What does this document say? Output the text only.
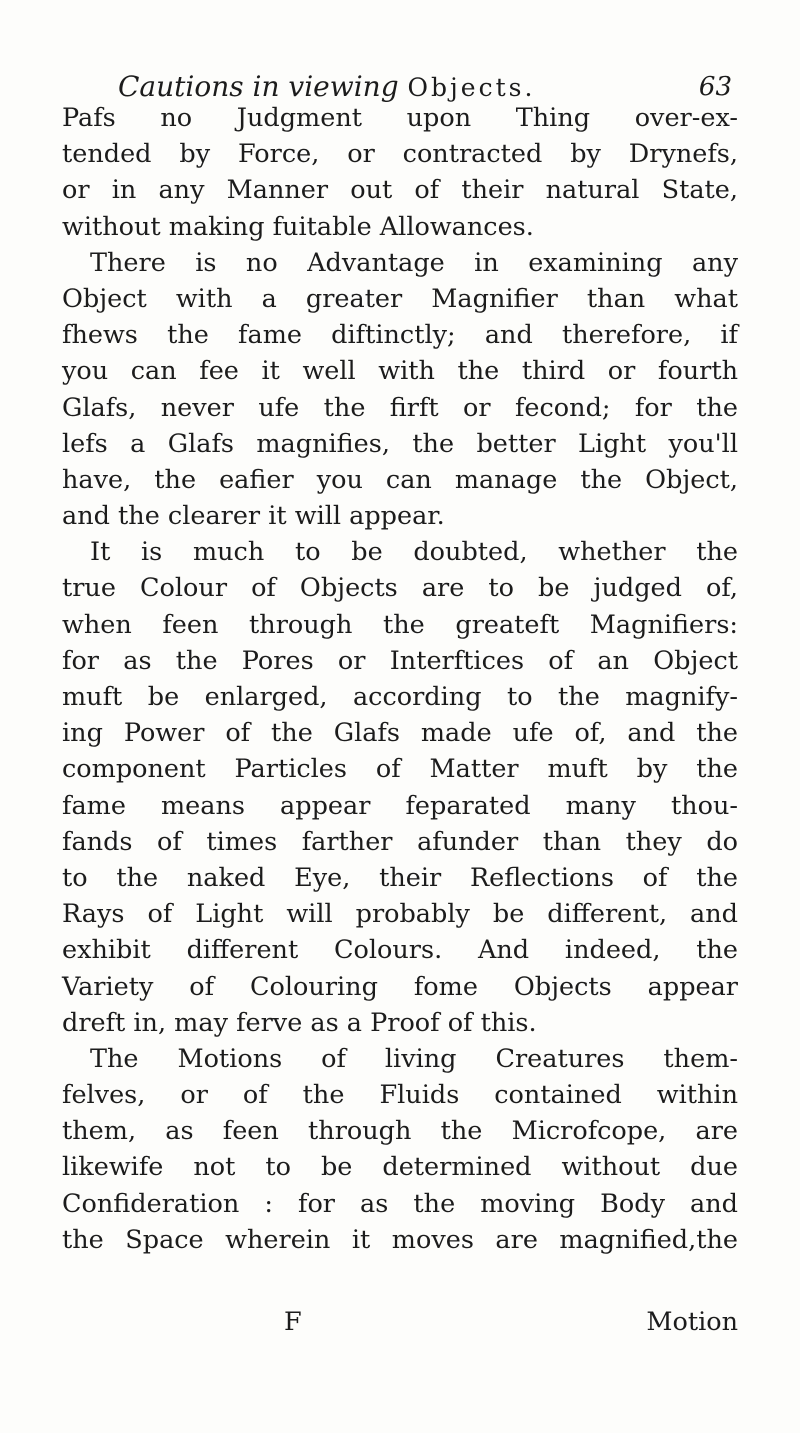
Cautions in viewing Objects.	63
Pafs no Judgment upon Thing over-ex-
tended by Force, or contracted by Drynefs,
or in any Manner out of their natural State,
without making fuitable Allowances.
There is no Advantage in examining any
Object with a greater Magnifier than what
fhews the fame diftinctly; and therefore, if
you can fee it well with the third or fourth
Glafs, never ufe the firft or fecond; for the
lefs a Glafs magnifies, the better Light you'll
have, the eafier you can manage the Object,
and the clearer it will appear.
It is much to be doubted, whether the
true Colour of Objects are to be judged of,
when feen through the greateft Magnifiers:
for as the Pores or Interftices of an Object
muft be enlarged, according to the magnify-
ing Power of the Glafs made ufe of, and the
component Particles of Matter muft by the
fame means appear feparated many thou-
fands of times farther afunder than they do
to the naked Eye, their Reflections of the
Rays of Light will probably be different, and
exhibit different Colours. And indeed, the
Variety of Colouring fome Objects appear
dreft in, may ferve as a Proof of this.
The Motions of living Creatures them-
felves, or of the Fluids contained within
them, as feen through the Microfcope, are
likewife not to be determined without due
Confideration : for as the moving Body and
the Space wherein it moves are magnified,the
F	Motion
